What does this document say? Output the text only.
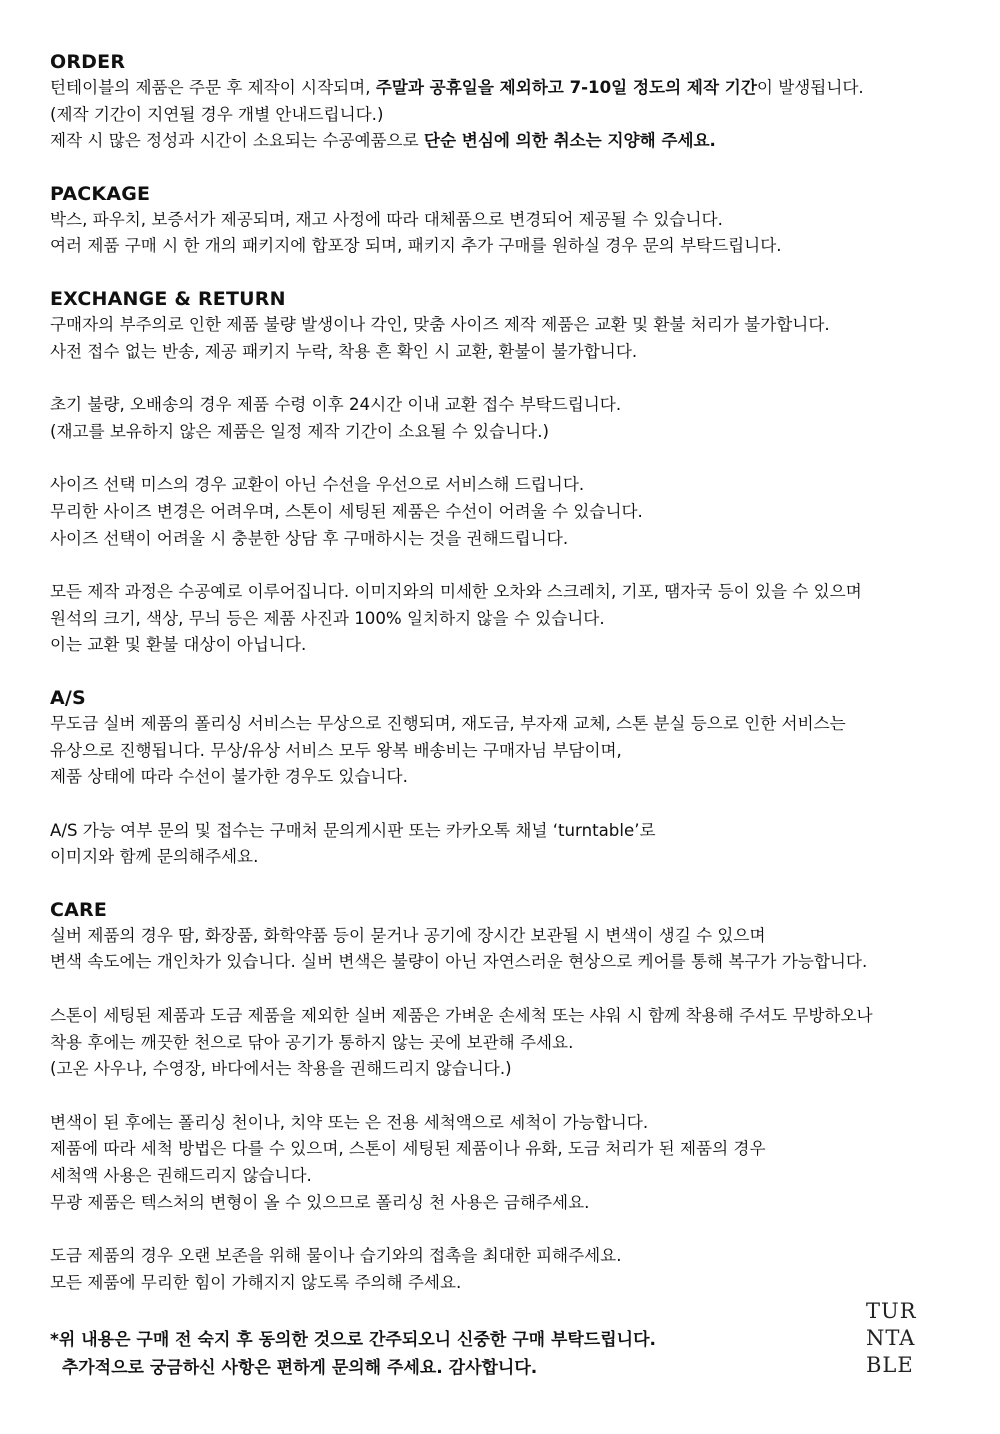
ORDER
턴테이블의 제품은 주문 후 제작이 시작되며, 주말과 공휴일을 제외하고 7-10일 정도의 제작 기간이 발생됩니다.
(제작 기간이 지연될 경우 개별 안내드립니다.)
제작 시 많은 정성과 시간이 소요되는 수공예품으로 단순 변심에 의한 취소는 지양해 주세요.
PACKAGE
박스, 파우치, 보증서가 제공되며, 재고 사정에 따라 대체품으로 변경되어 제공될 수 있습니다.
여러 제품 구매 시 한 개의 패키지에 합포장 되며, 패키지 추가 구매를 원하실 경우 문의 부탁드립니다.
EXCHANGE & RETURN
구매자의 부주의로 인한 제품 불량 발생이나 각인, 맞춤 사이즈 제작 제품은 교환 및 환불 처리가 불가합니다.
사전 접수 없는 반송, 제공 패키지 누락, 착용 흔 확인 시 교환, 환불이 불가합니다.
초기 불량, 오배송의 경우 제품 수령 이후 24시간 이내 교환 접수 부탁드립니다.
(재고를 보유하지 않은 제품은 일정 제작 기간이 소요될 수 있습니다.)
사이즈 선택 미스의 경우 교환이 아닌 수선을 우선으로 서비스해 드립니다.
무리한 사이즈 변경은 어려우며, 스톤이 세팅된 제품은 수선이 어려울 수 있습니다.
사이즈 선택이 어려울 시 충분한 상담 후 구매하시는 것을 권해드립니다.
모든 제작 과정은 수공예로 이루어집니다. 이미지와의 미세한 오차와 스크레치, 기포, 땜자국 등이 있을 수 있으며
원석의 크기, 색상, 무늬 등은 제품 사진과 100% 일치하지 않을 수 있습니다.
이는 교환 및 환불 대상이 아닙니다.
A/S
무도금 실버 제품의 폴리싱 서비스는 무상으로 진행되며, 재도금, 부자재 교체, 스톤 분실 등으로 인한 서비스는
유상으로 진행됩니다. 무상/유상 서비스 모두 왕복 배송비는 구매자님 부담이며,
제품 상태에 따라 수선이 불가한 경우도 있습니다.
A/S 가능 여부 문의 및 접수는 구매처 문의게시판 또는 카카오톡 채널 ‘turntable’로
이미지와 함께 문의해주세요.
CARE
실버 제품의 경우 땀, 화장품, 화학약품 등이 묻거나 공기에 장시간 보관될 시 변색이 생길 수 있으며
변색 속도에는 개인차가 있습니다. 실버 변색은 불량이 아닌 자연스러운 현상으로 케어를 통해 복구가 가능합니다.
스톤이 세팅된 제품과 도금 제품을 제외한 실버 제품은 가벼운 손세척 또는 샤워 시 함께 착용해 주셔도 무방하오나
착용 후에는 깨끗한 천으로 닦아 공기가 통하지 않는 곳에 보관해 주세요.
(고온 사우나, 수영장, 바다에서는 착용을 권해드리지 않습니다.)
변색이 된 후에는 폴리싱 천이나, 치약 또는 은 전용 세척액으로 세척이 가능합니다.
제품에 따라 세척 방법은 다를 수 있으며, 스톤이 세팅된 제품이나 유화, 도금 처리가 된 제품의 경우
세척액 사용은 권해드리지 않습니다.
무광 제품은 텍스처의 변형이 올 수 있으므로 폴리싱 천 사용은 금해주세요.
도금 제품의 경우 오랜 보존을 위해 물이나 습기와의 접촉을 최대한 피해주세요.
모든 제품에 무리한 힘이 가해지지 않도록 주의해 주세요.
*위 내용은 구매 전 숙지 후 동의한 것으로 간주되오니 신중한 구매 부탁드립니다.
추가적으로 궁금하신 사항은 편하게 문의해 주세요. 감사합니다.
TUR
NTA
BLE
